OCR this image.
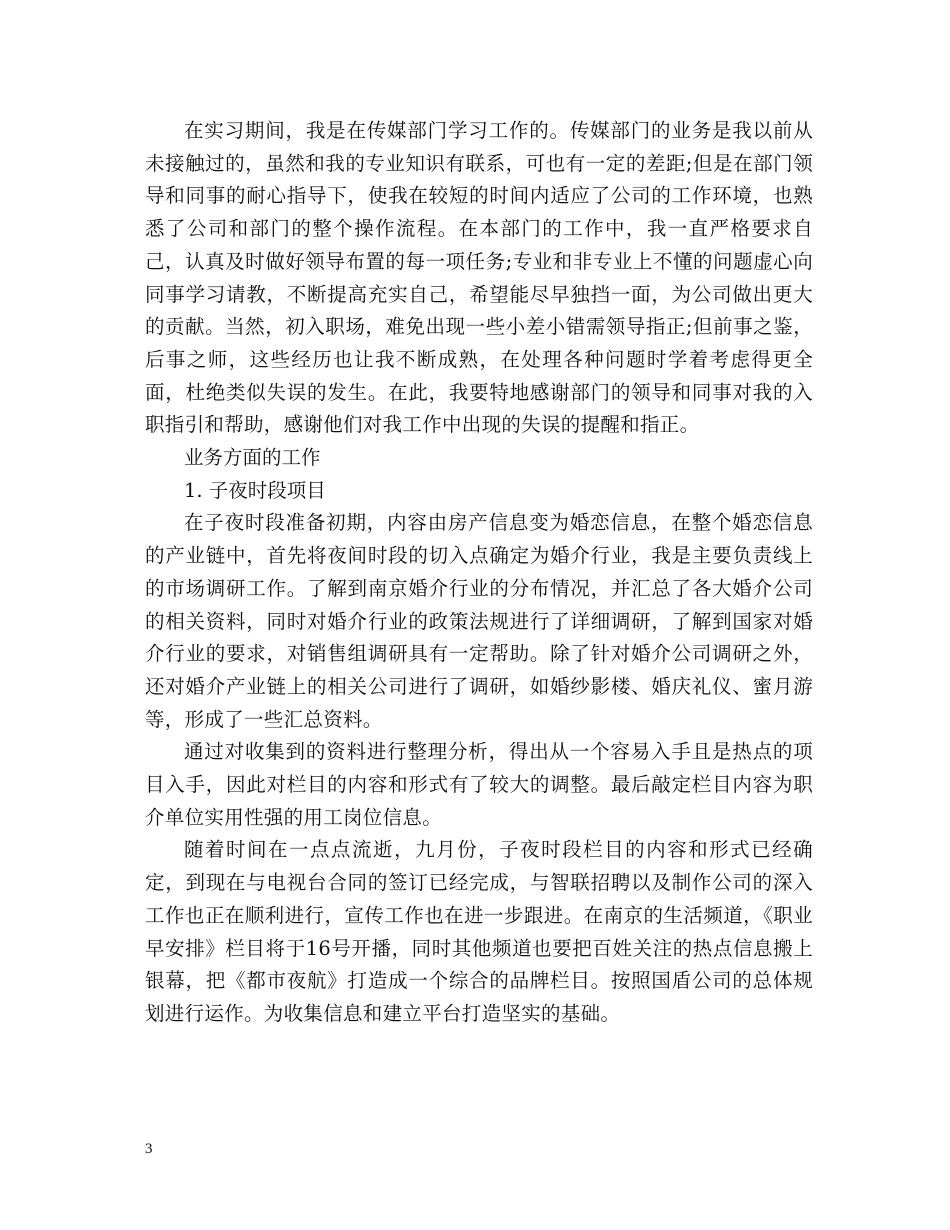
在实习期间，我是在传媒部门学习工作的。传媒部门的业务是我以前从未接触过的，虽然和我的专业知识有联系，可也有一定的差距;但是在部门领导和同事的耐心指导下，使我在较短的时间内适应了公司的工作环境，也熟悉了公司和部门的整个操作流程。在本部门的工作中，我一直严格要求自己，认真及时做好领导布置的每一项任务;专业和非专业上不懂的问题虚心向同事学习请教，不断提高充实自己，希望能尽早独挡一面，为公司做出更大的贡献。当然，初入职场，难免出现一些小差小错需领导指正;但前事之鉴，后事之师，这些经历也让我不断成熟，在处理各种问题时学着考虑得更全面，杜绝类似失误的发生。在此，我要特地感谢部门的领导和同事对我的入职指引和帮助，感谢他们对我工作中出现的失误的提醒和指正。

业务方面的工作

1. 子夜时段项目

在子夜时段准备初期，内容由房产信息变为婚恋信息，在整个婚恋信息的产业链中，首先将夜间时段的切入点确定为婚介行业，我是主要负责线上的市场调研工作。了解到南京婚介行业的分布情况，并汇总了各大婚介公司的相关资料，同时对婚介行业的政策法规进行了详细调研，了解到国家对婚介行业的要求，对销售组调研具有一定帮助。除了针对婚介公司调研之外，还对婚介产业链上的相关公司进行了调研，如婚纱影楼、婚庆礼仪、蜜月游等，形成了一些汇总资料。

通过对收集到的资料进行整理分析，得出从一个容易入手且是热点的项目入手，因此对栏目的内容和形式有了较大的调整。最后敲定栏目内容为职介单位实用性强的用工岗位信息。

随着时间在一点点流逝，九月份，子夜时段栏目的内容和形式已经确定，到现在与电视台合同的签订已经完成，与智联招聘以及制作公司的深入工作也正在顺利进行，宣传工作也在进一步跟进。在南京的生活频道，《职业早安排》栏目将于16号开播，同时其他频道也要把百姓关注的热点信息搬上银幕，把《都市夜航》打造成一个综合的品牌栏目。按照国盾公司的总体规划进行运作。为收集信息和建立平台打造坚实的基础。

3
